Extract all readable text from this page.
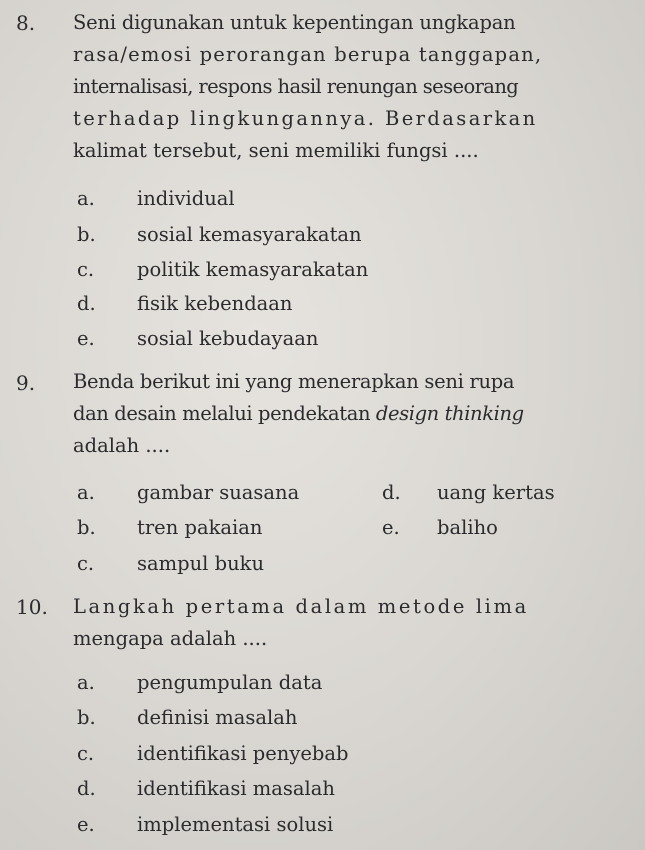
8. Seni digunakan untuk kepentingan ungkapan
rasa/emosi perorangan berupa tanggapan,
internalisasi, respons hasil renungan seseorang
terhadap lingkungannya. Berdasarkan
kalimat tersebut, seni memiliki fungsi ....
a. individual
b. sosial kemasyarakatan
c. politik kemasyarakatan
d. fisik kebendaan
e. sosial kebudayaan
9. Benda berikut ini yang menerapkan seni rupa
dan desain melalui pendekatan design thinking
adalah ....
a. gambar suasana
b. tren pakaian
c. sampul buku
d. uang kertas
e. baliho
10. Langkah pertama dalam metode lima
mengapa adalah ....
a. pengumpulan data
b. definisi masalah
c. identifikasi penyebab
d. identifikasi masalah
e. implementasi solusi
